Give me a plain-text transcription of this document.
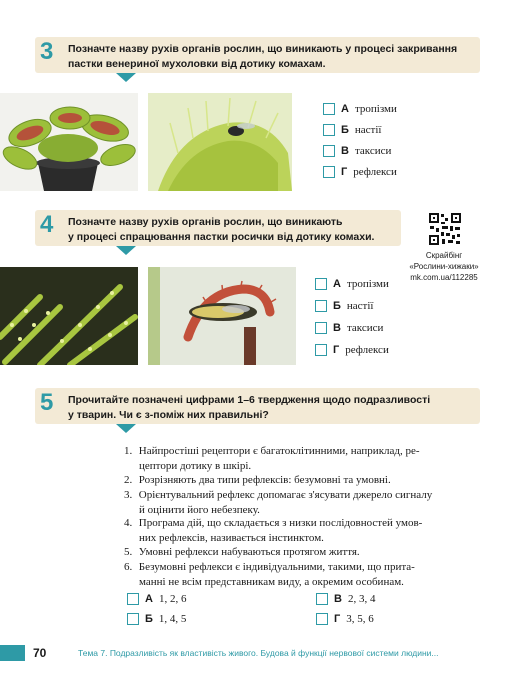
3 Позначте назву рухів органів рослин, що виникають у процесі закривання
пастки венериної мухоловки від дотику комахам.
А тропізми
Б настії
В таксиси
Г рефлекси
4 Позначте назву рухів органів рослин, що виникають
у процесі спрацювання пастки росички від дотику комахи.
Скрайбінг
«Рослини-хижаки»
mk.com.ua/112285
А тропізми
Б настії
В таксиси
Г рефлекси
5 Прочитайте позначені цифрами 1–6 твердження щодо подразливості
у тварин. Чи є з-поміж них правильні?
1. Найпростіші рецептори є багатоклітинними, наприклад, ре-
цептори дотику в шкірі.
2. Розрізняють два типи рефлексів: безумовні та умовні.
3. Орієнтувальний рефлекс допомагає з'ясувати джерело сигналу
й оцінити його небезпеку.
4. Програма дій, що складається з низки послідовностей умов-
них рефлексів, називається інстинктом.
5. Умовні рефлекси набуваються протягом життя.
6. Безумовні рефлекси є індивідуальними, такими, що прита-
манні не всім представникам виду, а окремим особинам.
А 1, 2, 6	В 2, 3, 4
Б 1, 4, 5	Г 3, 5, 6
70	Тема 7. Подразливість як властивість живого. Будова й функції нервової системи людини...
